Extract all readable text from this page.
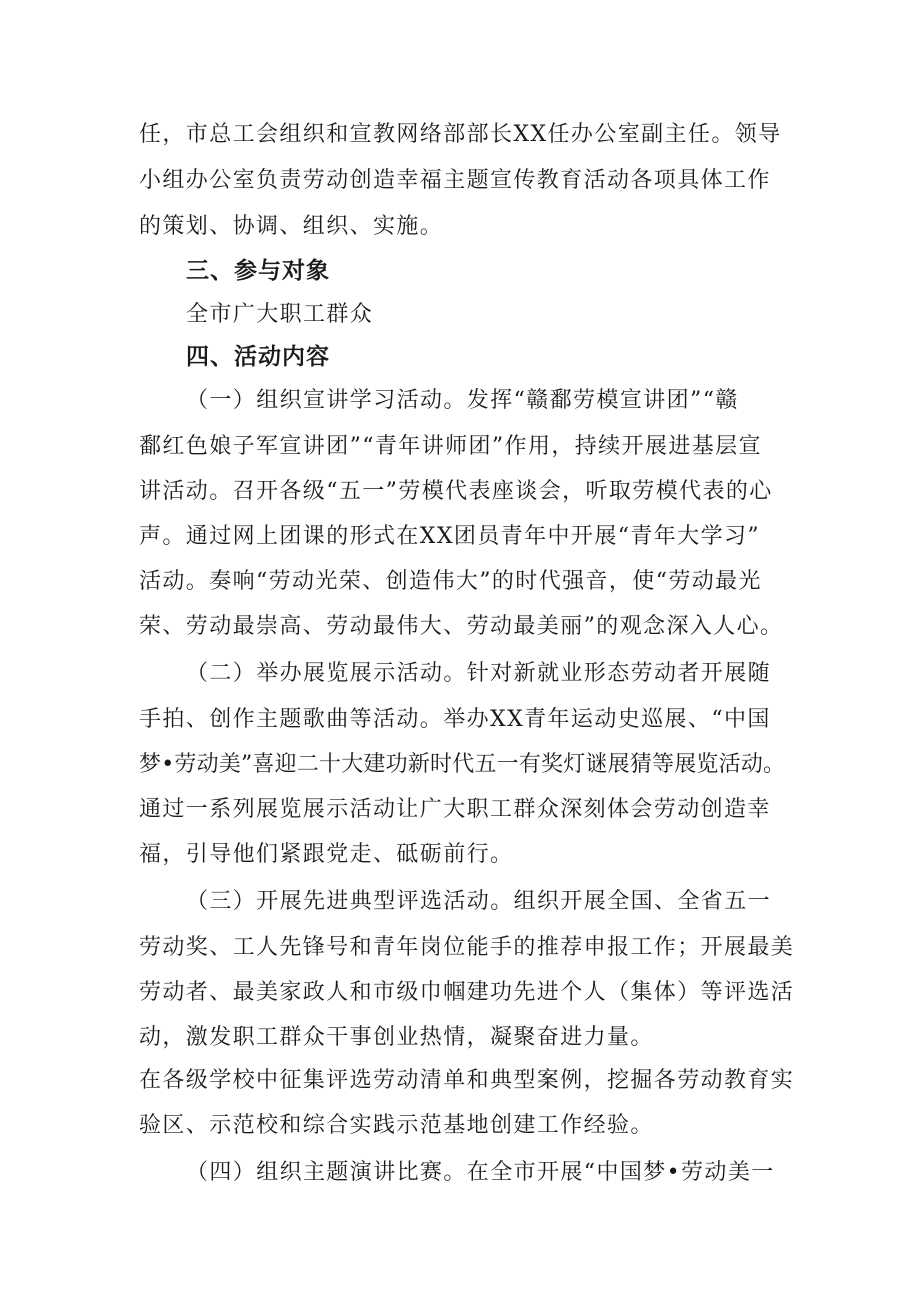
任，市总工会组织和宣教网络部部长XX任办公室副主任。领导
小组办公室负责劳动创造幸福主题宣传教育活动各项具体工作
的策划、协调、组织、实施。
三、参与对象
全市广大职工群众
四、活动内容
（一）组织宣讲学习活动。发挥“赣鄱劳模宣讲团”“赣
鄱红色娘子军宣讲团”“青年讲师团”作用，持续开展进基层宣
讲活动。召开各级“五一”劳模代表座谈会，听取劳模代表的心
声。通过网上团课的形式在XX团员青年中开展“青年大学习”
活动。奏响“劳动光荣、创造伟大”的时代强音，使“劳动最光
荣、劳动最崇高、劳动最伟大、劳动最美丽”的观念深入人心。
（二）举办展览展示活动。针对新就业形态劳动者开展随
手拍、创作主题歌曲等活动。举办XX青年运动史巡展、“中国
梦•劳动美”喜迎二十大建功新时代五一有奖灯谜展猜等展览活动。
通过一系列展览展示活动让广大职工群众深刻体会劳动创造幸
福，引导他们紧跟党走、砥砺前行。
（三）开展先进典型评选活动。组织开展全国、全省五一
劳动奖、工人先锋号和青年岗位能手的推荐申报工作；开展最美
劳动者、最美家政人和市级巾帼建功先进个人（集体）等评选活
动，激发职工群众干事创业热情，凝聚奋进力量。
在各级学校中征集评选劳动清单和典型案例，挖掘各劳动教育实
验区、示范校和综合实践示范基地创建工作经验。
（四）组织主题演讲比赛。在全市开展“中国梦•劳动美一
